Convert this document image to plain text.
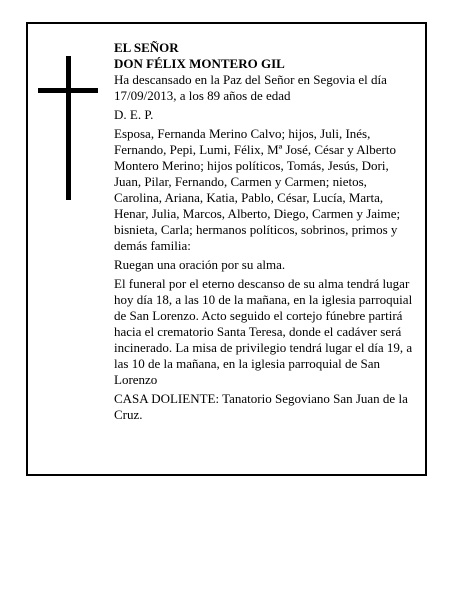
EL SEÑOR

DON FÉLIX MONTERO GIL

Ha descansado en la Paz del Señor en Segovia el día 17/09/2013, a los 89 años de edad

D. E. P.

Esposa, Fernanda Merino Calvo; hijos, Juli, Inés, Fernando, Pepi, Lumi, Félix, Mª José, César y Alberto Montero Merino; hijos políticos, Tomás, Jesús, Dori, Juan, Pilar, Fernando, Carmen y Carmen; nietos, Carolina, Ariana, Katia, Pablo, César, Lucía, Marta, Henar, Julia, Marcos, Alberto, Diego, Carmen y Jaime; bisnieta, Carla; hermanos políticos, sobrinos, primos y demás familia:

Ruegan una oración por su alma.

El funeral por el eterno descanso de su alma tendrá lugar hoy día 18, a las 10 de la mañana, en la iglesia parroquial de San Lorenzo. Acto seguido el cortejo fúnebre partirá hacia el crematorio Santa Teresa, donde el cadáver será incinerado. La misa de privilegio tendrá lugar el día 19, a las 10 de la mañana, en la iglesia parroquial de San Lorenzo

CASA DOLIENTE: Tanatorio Segoviano San Juan de la Cruz.
